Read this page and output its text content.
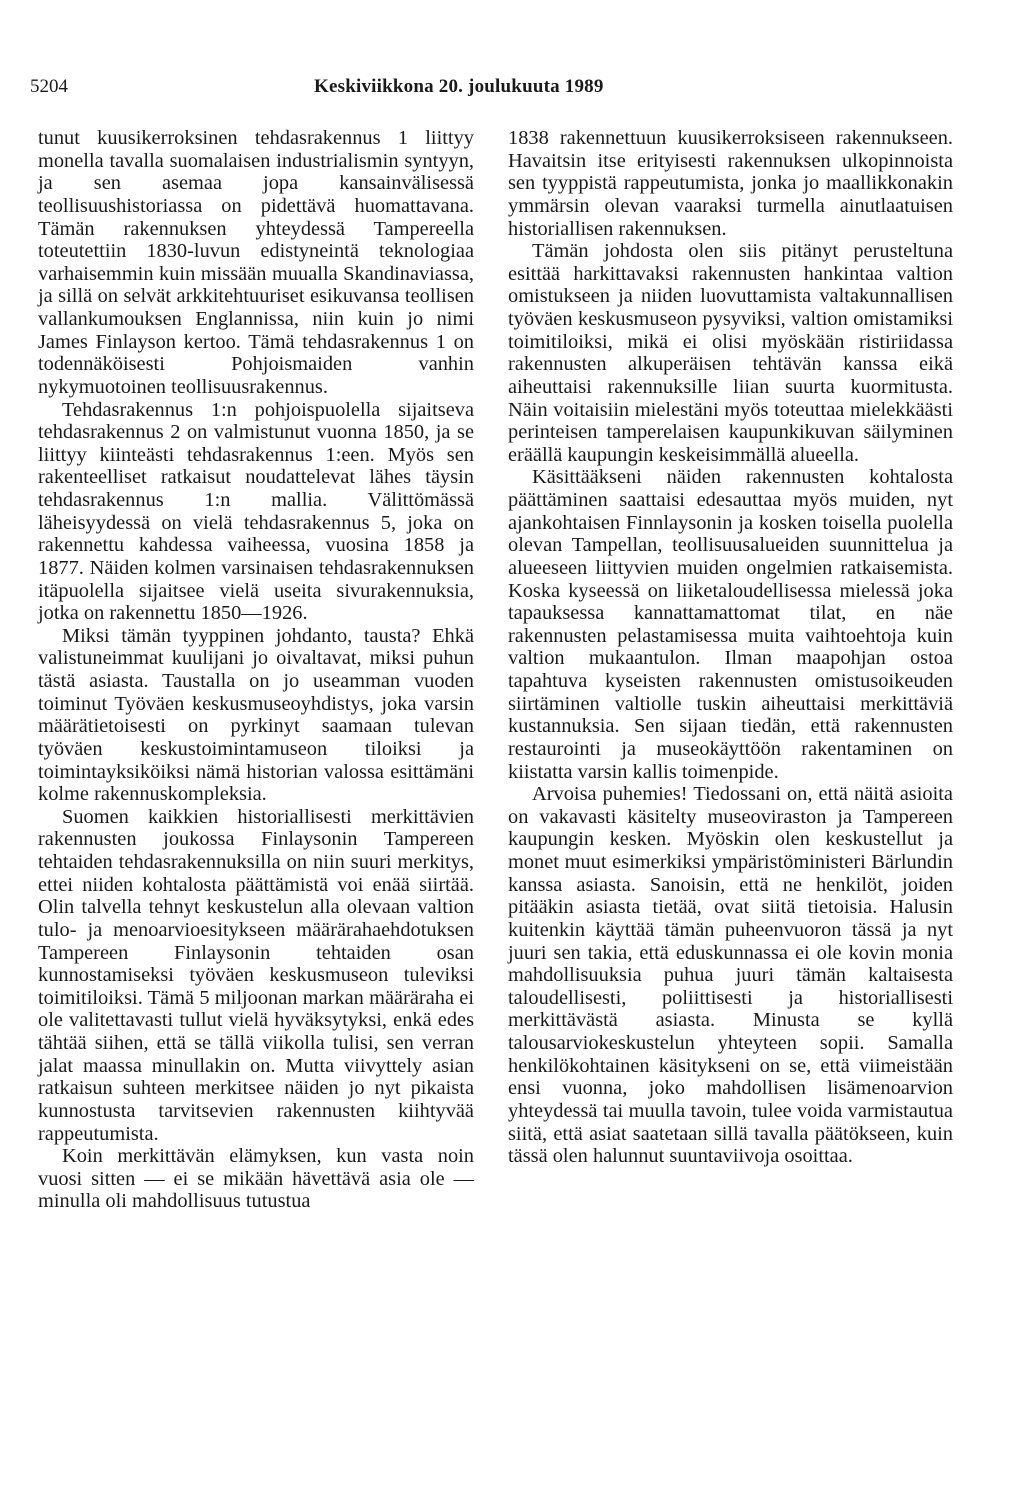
5204	Keskiviikkona 20. joulukuuta 1989

tunut kuusikerroksinen tehdasrakennus 1 liittyy monella tavalla suomalaisen industrialismin syntyyn, ja sen asemaa jopa kansainvälisessä teollisuushistoriassa on pidettävä huomattavana. Tämän rakennuksen yhteydessä Tampereella toteutettiin 1830-luvun edistyneintä teknologiaa varhaisemmin kuin missään muualla Skandinaviassa, ja sillä on selvät arkkitehtuuriset esikuvansa teollisen vallankumouksen Englannissa, niin kuin jo nimi James Finlayson kertoo. Tämä tehdasrakennus 1 on todennäköisesti Pohjoismaiden vanhin nykymuotoinen teollisuusrakennus.

Tehdasrakennus 1:n pohjoispuolella sijaitseva tehdasrakennus 2 on valmistunut vuonna 1850, ja se liittyy kiinteästi tehdasrakennus 1:een. Myös sen rakenteelliset ratkaisut noudattelevat lähes täysin tehdasrakennus 1:n mallia. Välittömässä läheisyydessä on vielä tehdasrakennus 5, joka on rakennettu kahdessa vaiheessa, vuosina 1858 ja 1877. Näiden kolmen varsinaisen tehdasrakennuksen itäpuolella sijaitsee vielä useita sivurakennuksia, jotka on rakennettu 1850—1926.

Miksi tämän tyyppinen johdanto, tausta? Ehkä valistuneimmat kuulijani jo oivaltavat, miksi puhun tästä asiasta. Taustalla on jo useamman vuoden toiminut Työväen keskusmuseoyhdistys, joka varsin määrätietoisesti on pyrkinyt saamaan tulevan työväen keskustoimintamuseon tiloiksi ja toimintayksiköiksi nämä historian valossa esittämäni kolme rakennuskompleksia.

Suomen kaikkien historiallisesti merkittävien rakennusten joukossa Finlaysonin Tampereen tehtaiden tehdasrakennuksilla on niin suuri merkitys, ettei niiden kohtalosta päättämistä voi enää siirtää. Olin talvella tehnyt keskustelun alla olevaan valtion tulo- ja menoarvioesitykseen määrärahaehdotuksen Tampereen Finlaysonin tehtaiden osan kunnostamiseksi työväen keskusmuseon tuleviksi toimitiloiksi. Tämä 5 miljoonan markan määräraha ei ole valitettavasti tullut vielä hyväksytyksi, enkä edes tähtää siihen, että se tällä viikolla tulisi, sen verran jalat maassa minullakin on. Mutta viivyttely asian ratkaisun suhteen merkitsee näiden jo nyt pikaista kunnostusta tarvitsevien rakennusten kiihtyvää rappeutumista.

Koin merkittävän elämyksen, kun vasta noin vuosi sitten — ei se mikään hävettävä asia ole — minulla oli mahdollisuus tutustua

1838 rakennettuun kuusikerroksiseen rakennukseen. Havaitsin itse erityisesti rakennuksen ulkopinnoista sen tyyppistä rappeutumista, jonka jo maallikkonakin ymmärsin olevan vaaraksi turmella ainutlaatuisen historiallisen rakennuksen.

Tämän johdosta olen siis pitänyt perusteltuna esittää harkittavaksi rakennusten hankintaa valtion omistukseen ja niiden luovuttamista valtakunnallisen työväen keskusmuseon pysyviksi, valtion omistamiksi toimitiloiksi, mikä ei olisi myöskään ristiriidassa rakennusten alkuperäisen tehtävän kanssa eikä aiheuttaisi rakennuksille liian suurta kuormitusta. Näin voitaisiin mielestäni myös toteuttaa mielekkäästi perinteisen tamperelaisen kaupunkikuvan säilyminen eräällä kaupungin keskeisimmällä alueella.

Käsittääkseni näiden rakennusten kohtalosta päättäminen saattaisi edesauttaa myös muiden, nyt ajankohtaisen Finnlaysonin ja kosken toisella puolella olevan Tampellan, teollisuusalueiden suunnittelua ja alueeseen liittyvien muiden ongelmien ratkaisemista. Koska kyseessä on liiketaloudellisessa mielessä joka tapauksessa kannattamattomat tilat, en näe rakennusten pelastamisessa muita vaihtoehtoja kuin valtion mukaantulon. Ilman maapohjan ostoa tapahtuva kyseisten rakennusten omistusoikeuden siirtäminen valtiolle tuskin aiheuttaisi merkittäviä kustannuksia. Sen sijaan tiedän, että rakennusten restaurointi ja museokäyttöön rakentaminen on kiistatta varsin kallis toimenpide.

Arvoisa puhemies! Tiedossani on, että näitä asioita on vakavasti käsitelty museoviraston ja Tampereen kaupungin kesken. Myöskin olen keskustellut ja monet muut esimerkiksi ympäristöministeri Bärlundin kanssa asiasta. Sanoisin, että ne henkilöt, joiden pitääkin asiasta tietää, ovat siitä tietoisia. Halusin kuitenkin käyttää tämän puheenvuoron tässä ja nyt juuri sen takia, että eduskunnassa ei ole kovin monia mahdollisuuksia puhua juuri tämän kaltaisesta taloudellisesti, poliittisesti ja historiallisesti merkittävästä asiasta. Minusta se kyllä talousarviokeskustelun yhteyteen sopii. Samalla henkilökohtainen käsitykseni on se, että viimeistään ensi vuonna, joko mahdollisen lisämenoarvion yhteydessä tai muulla tavoin, tulee voida varmistautua siitä, että asiat saatetaan sillä tavalla päätökseen, kuin tässä olen halunnut suuntaviivoja osoittaa.
